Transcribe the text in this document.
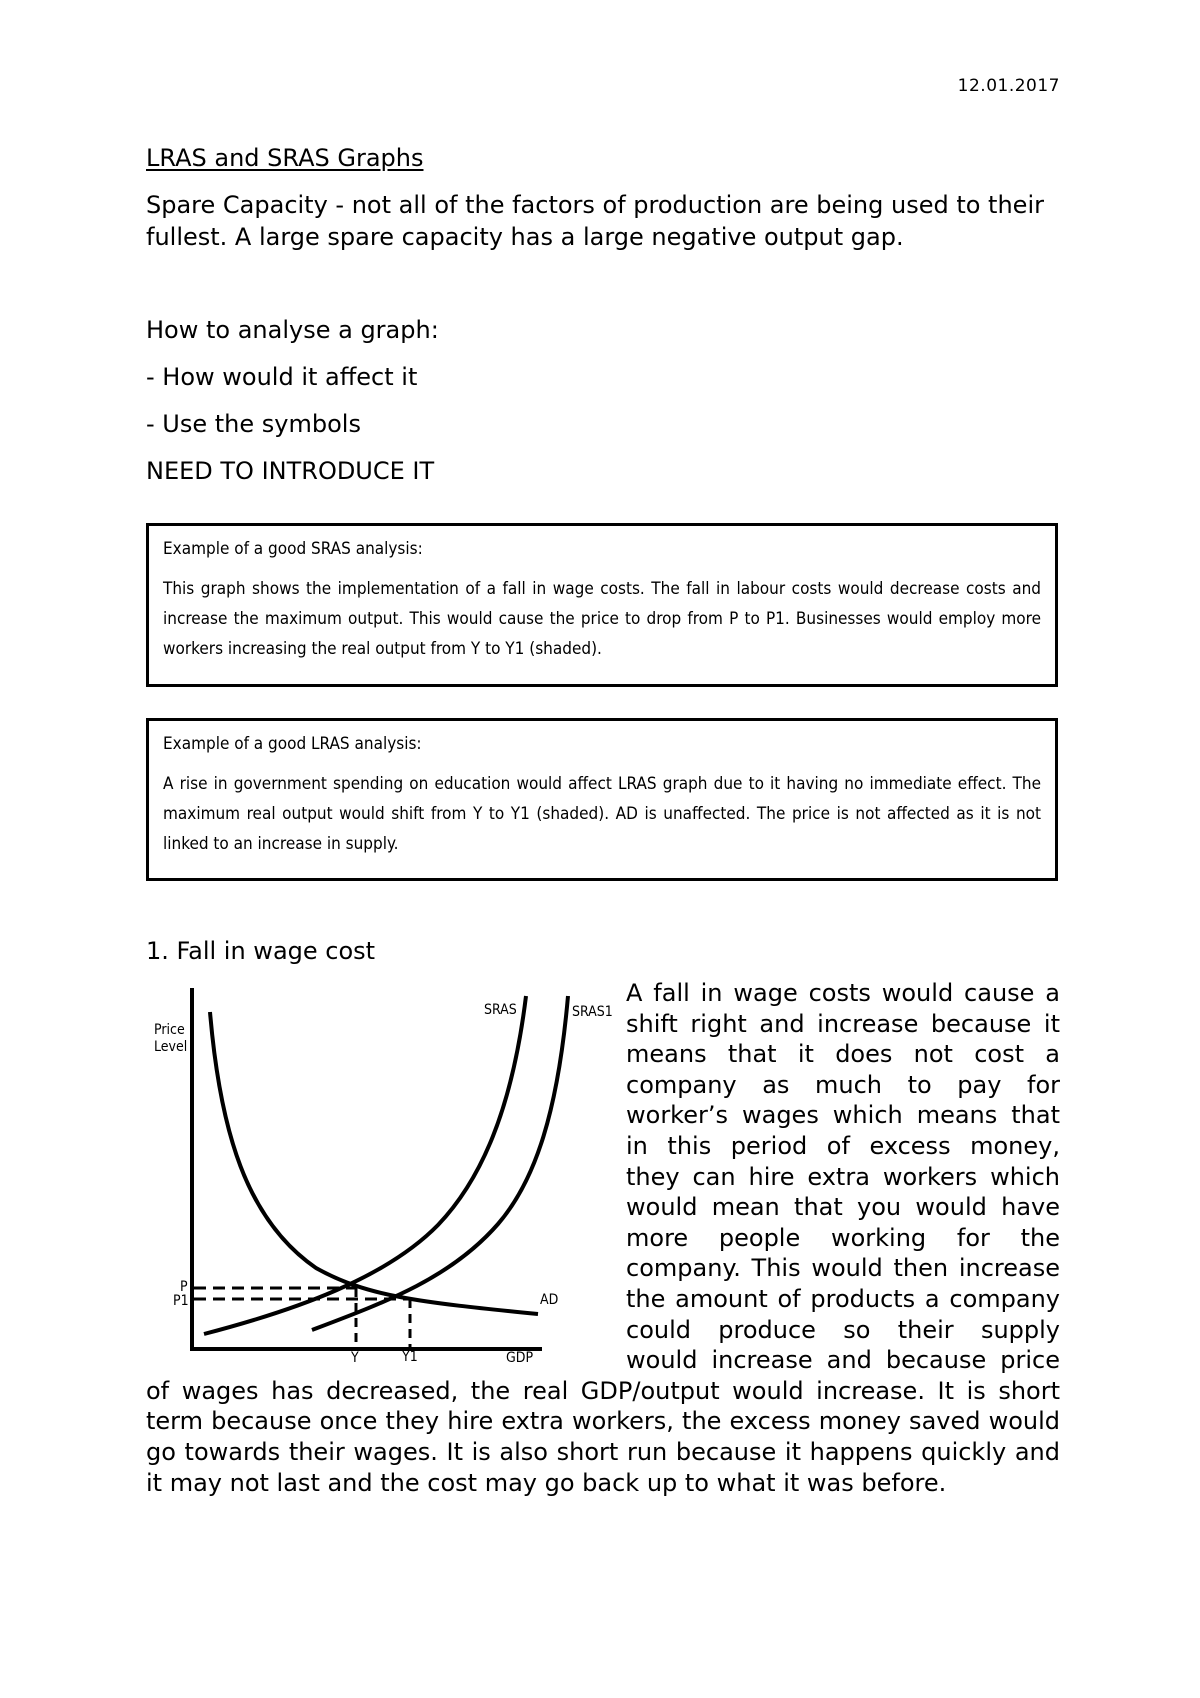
12.01.2017
LRAS and SRAS Graphs

Spare Capacity - not all of the factors of production are being used to their fullest. A large spare capacity has a large negative output gap.

How to analyse a graph:

- How would it affect it

- Use the symbols

NEED TO INTRODUCE IT

Example of a good SRAS analysis:

This graph shows the implementation of a fall in wage costs. The fall in labour costs would decrease costs and increase the maximum output. This would cause the price to drop from P to P1. Businesses would employ more workers increasing the real output from Y to Y1 (shaded).

Example of a good LRAS analysis:

A rise in government spending on education would affect LRAS graph due to it having no immediate effect. The maximum real output would shift from Y to Y1 (shaded). AD is unaffected. The price is not affected as it is not linked to an increase in supply.

1. Fall in wage cost
Price
Level
SRAS	SRAS1
AD
P
P1
Y	Y1	GDP
A fall in wage costs would cause a shift right and increase because it means that it does not cost a company as much to pay for worker’s wages which means that in this period of excess money, they can hire extra workers which would mean that you would have more people working for the company. This would then increase the amount of products a company could produce so their supply would increase and because price of wages has decreased, the real GDP/output would increase. It is short term because once they hire extra workers, the excess money saved would go towards their wages. It is also short run because it happens quickly and it may not last and the cost may go back up to what it was before.
